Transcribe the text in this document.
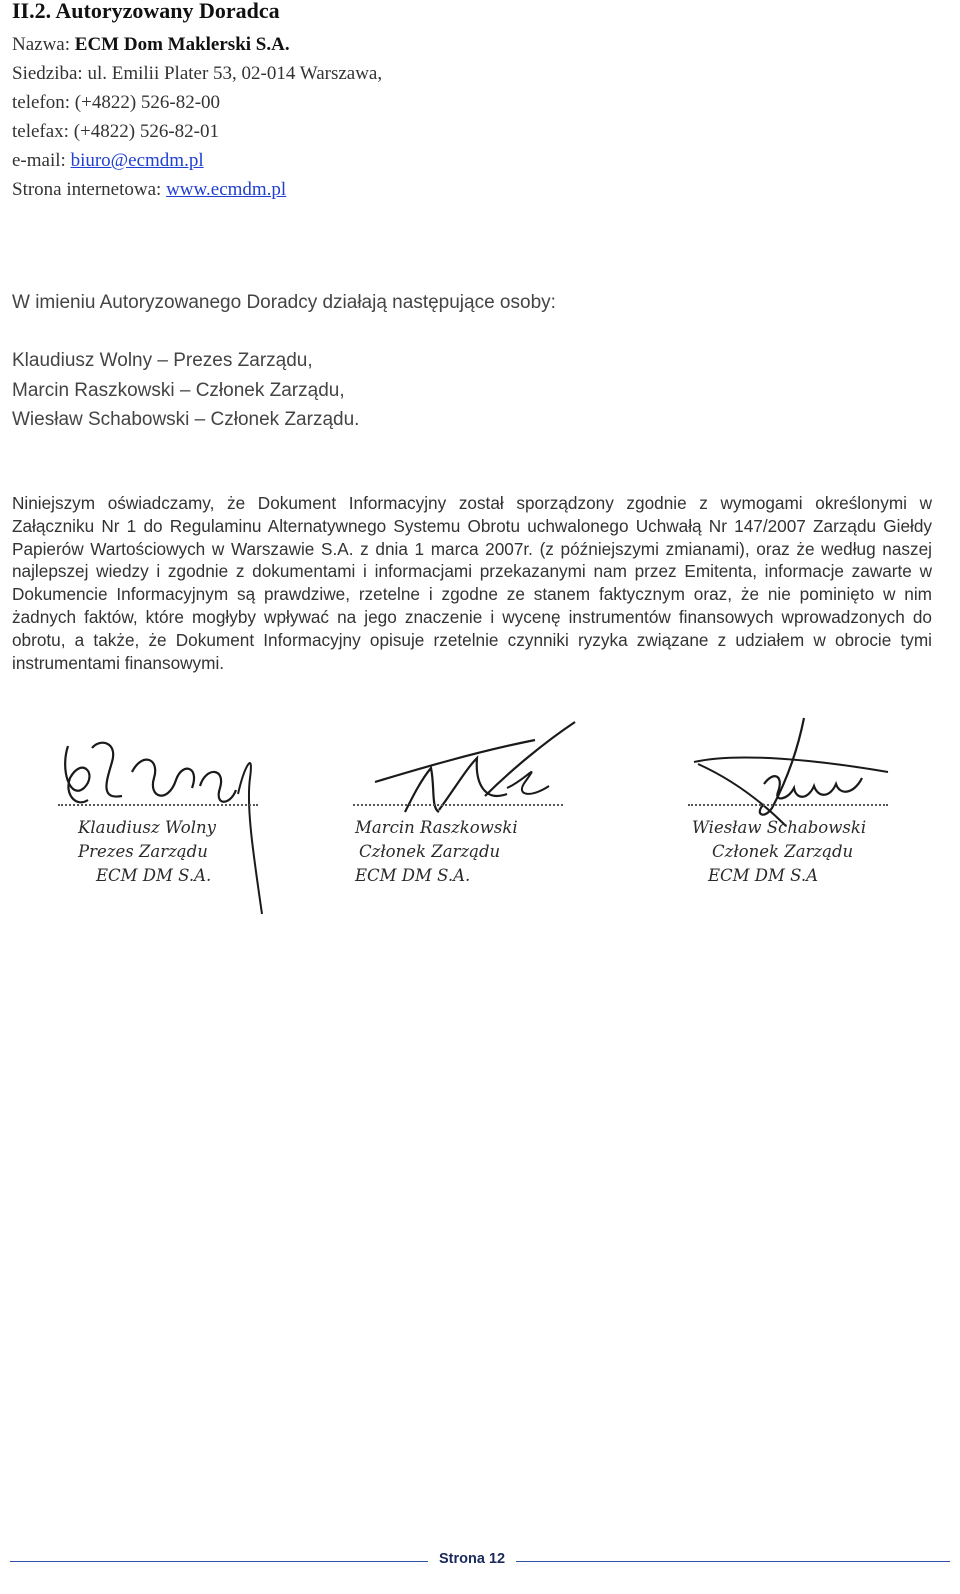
II.2. Autoryzowany Doradca
Nazwa: ECM Dom Maklerski S.A.
Siedziba: ul. Emilii Plater 53, 02-014 Warszawa,
telefon: (+4822) 526-82-00
telefax: (+4822) 526-82-01
e-mail: biuro@ecmdm.pl
Strona internetowa: www.ecmdm.pl
W imieniu Autoryzowanego Doradcy działają następujące osoby:
Klaudiusz Wolny – Prezes Zarządu,
Marcin Raszkowski – Członek Zarządu,
Wiesław Schabowski – Członek Zarządu.

Niniejszym oświadczamy, że Dokument Informacyjny został sporządzony zgodnie z wymogami określonymi w Załączniku Nr 1 do Regulaminu Alternatywnego Systemu Obrotu uchwalonego Uchwałą Nr 147/2007 Zarządu Giełdy Papierów Wartościowych w Warszawie S.A. z dnia 1 marca 2007r. (z późniejszymi zmianami), oraz że według naszej najlepszej wiedzy i zgodnie z dokumentami i informacjami przekazanymi nam przez Emitenta, informacje zawarte w Dokumencie Informacyjnym są prawdziwe, rzetelne i zgodne ze stanem faktycznym oraz, że nie pominięto w nim żadnych faktów, które mogłyby wpływać na jego znaczenie i wycenę instrumentów finansowych wprowadzonych do obrotu, a także, że Dokument Informacyjny opisuje rzetelnie czynniki ryzyka związane z udziałem w obrocie tymi instrumentami finansowymi.

Klaudiusz Wolny
Prezes Zarządu
ECM DM S.A.
Marcin Raszkowski
Członek Zarządu
ECM DM S.A.
Wiesław Schabowski
Członek Zarządu
ECM DM S.A
Strona 12
